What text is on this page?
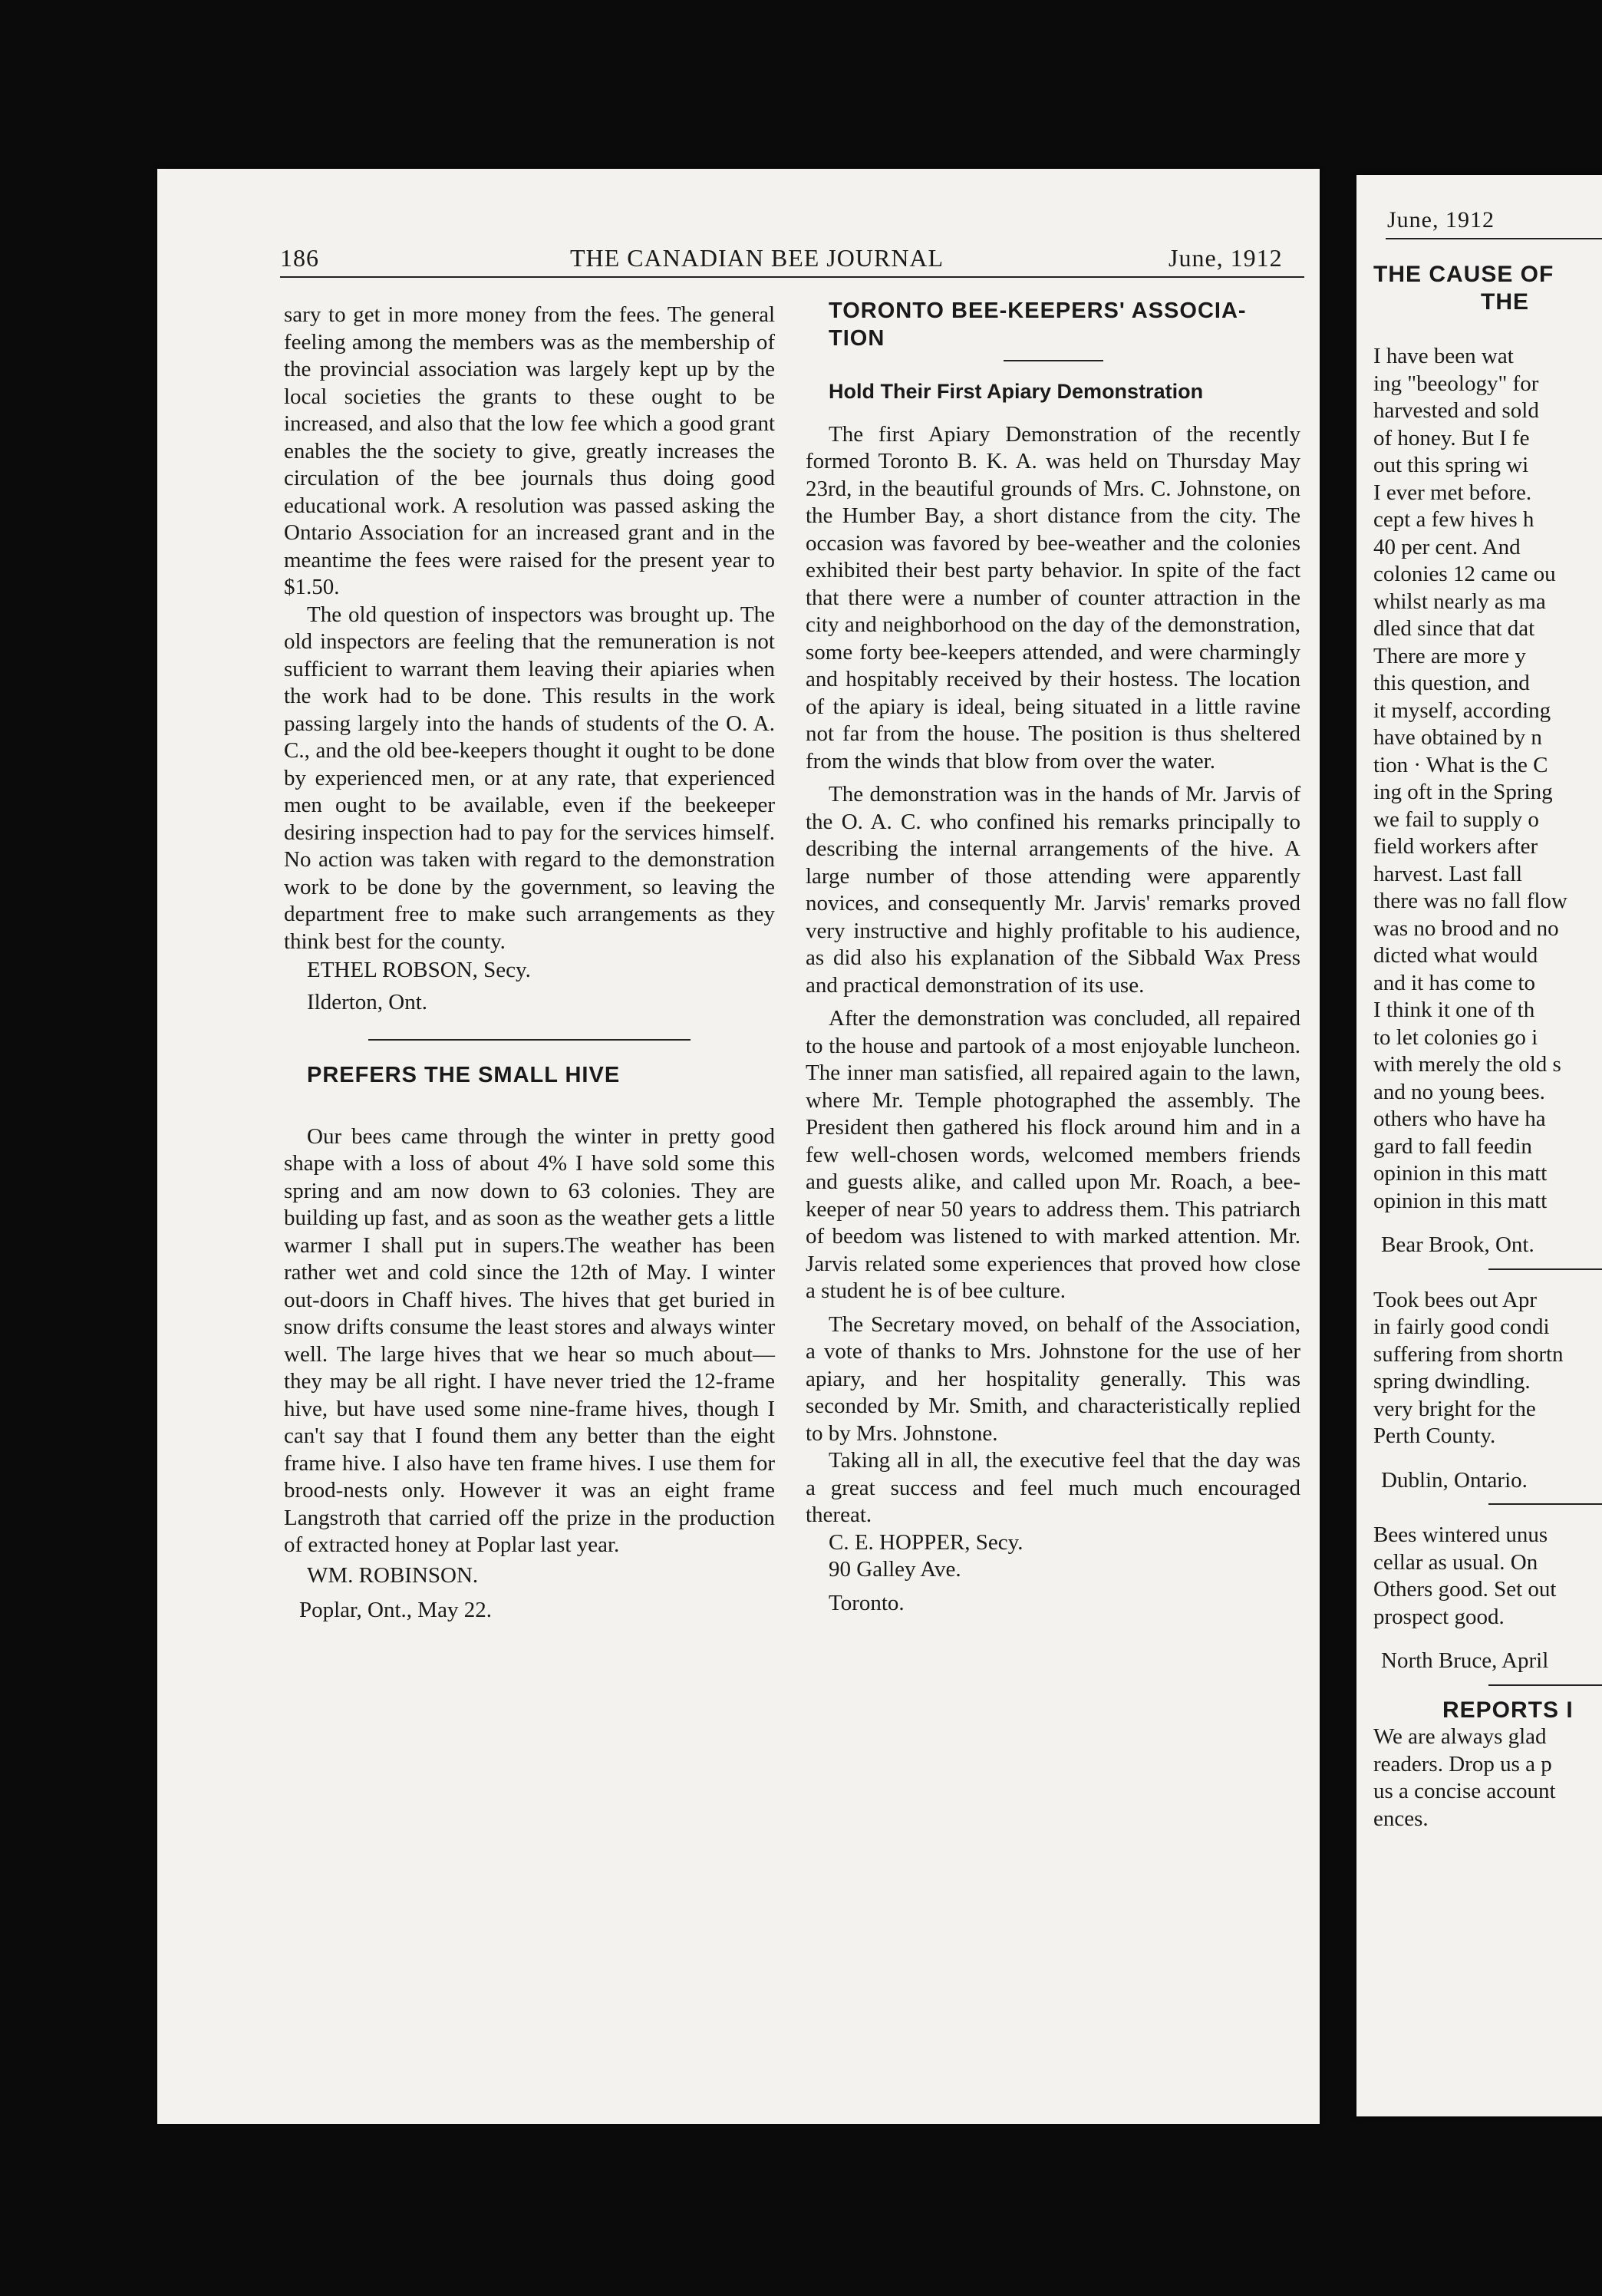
186	THE CANADIAN BEE JOURNAL	June, 1912

sary to get in more money from the fees. The general feeling among the members was as the membership of the provincial association was largely kept up by the local societies the grants to these ought to be increased, and also that the low fee which a good grant enables the the society to give, greatly increases the circulation of the bee journals thus doing good educational work. A resolution was passed asking the Ontario Association for an increased grant and in the meantime the fees were raised for the present year to $1.50.

The old question of inspectors was brought up. The old inspectors are feeling that the remuneration is not sufficient to warrant them leaving their apiaries when the work had to be done. This results in the work passing largely into the hands of students of the O. A. C., and the old bee-keepers thought it ought to be done by experienced men, or at any rate, that experienced men ought to be available, even if the beekeeper desiring inspection had to pay for the services himself. No action was taken with regard to the demonstration work to be done by the government, so leaving the department free to make such arrangements as they think best for the county.

ETHEL ROBSON, Secy.

Ilderton, Ont.

PREFERS THE SMALL HIVE

Our bees came through the winter in pretty good shape with a loss of about 4% I have sold some this spring and am now down to 63 colonies. They are building up fast, and as soon as the weather gets a little warmer I shall put in supers.The weather has been rather wet and cold since the 12th of May. I winter out-doors in Chaff hives. The hives that get buried in snow drifts consume the least stores and always winter well. The large hives that we hear so much about—they may be all right. I have never tried the 12-frame hive, but have used some nine-frame hives, though I can't say that I found them any better than the eight frame hive. I also have ten frame hives. I use them for brood-nests only. However it was an eight frame Langstroth that carried off the prize in the production of extracted honey at Poplar last year.

WM. ROBINSON.

Poplar, Ont., May 22.

TORONTO BEE-KEEPERS' ASSOCIA-

TION

Hold Their First Apiary Demonstration

The first Apiary Demonstration of the recently formed Toronto B. K. A. was held on Thursday May 23rd, in the beautiful grounds of Mrs. C. Johnstone, on the Humber Bay, a short distance from the city. The occasion was favored by bee-weather and the colonies exhibited their best party behavior. In spite of the fact that there were a number of counter attraction in the city and neighborhood on the day of the demonstration, some forty bee-keepers attended, and were charmingly and hospitably received by their hostess. The location of the apiary is ideal, being situated in a little ravine not far from the house. The position is thus sheltered from the winds that blow from over the water.

The demonstration was in the hands of Mr. Jarvis of the O. A. C. who confined his remarks principally to describing the internal arrangements of the hive. A large number of those attending were apparently novices, and consequently Mr. Jarvis' remarks proved very instructive and highly profitable to his audience, as did also his explanation of the Sibbald Wax Press and practical demonstration of its use.

After the demonstration was concluded, all repaired to the house and partook of a most enjoyable luncheon. The inner man satisfied, all repaired again to the lawn, where Mr. Temple photographed the assembly. The President then gathered his flock around him and in a few well-chosen words, welcomed members friends and guests alike, and called upon Mr. Roach, a bee-keeper of near 50 years to address them. This patriarch of beedom was listened to with marked attention. Mr. Jarvis related some experiences that proved how close a student he is of bee culture.

The Secretary moved, on behalf of the Association, a vote of thanks to Mrs. Johnstone for the use of her apiary, and her hospitality generally. This was seconded by Mr. Smith, and characteristically replied to by Mrs. Johnstone.

Taking all in all, the executive feel that the day was a great success and feel much much encouraged thereat.

C. E. HOPPER, Secy.

90 Galley Ave.

Toronto.

June, 1912
THE CAUSE OF
THE
I have been wat
ing "beeology" for
harvested and sold
of honey. But I fe
out this spring wi
I ever met before.
cept a few hives h
40 per cent. And
colonies 12 came ou
whilst nearly as ma
dled since that dat
There are more y
this question, and
it myself, according
have obtained by n
tion · What is the C
ing oft in the Spring
we fail to supply o
field workers after
harvest. Last fall
there was no fall flow
was no brood and no
dicted what would
and it has come to
I think it one of th
to let colonies go i
with merely the old s
and no young bees.
others who have ha
gard to fall feedin
opinion in this matt
opinion in this matt
Bear Brook, Ont.
Took bees out Apr
in fairly good condi
suffering from shortn
spring dwindling.
very bright for the
Perth County.
Dublin, Ontario.
Bees wintered unus
cellar as usual. On
Others good. Set out
prospect good.
North Bruce, April
REPORTS I
We are always glad
readers. Drop us a p
us a concise account
ences.
